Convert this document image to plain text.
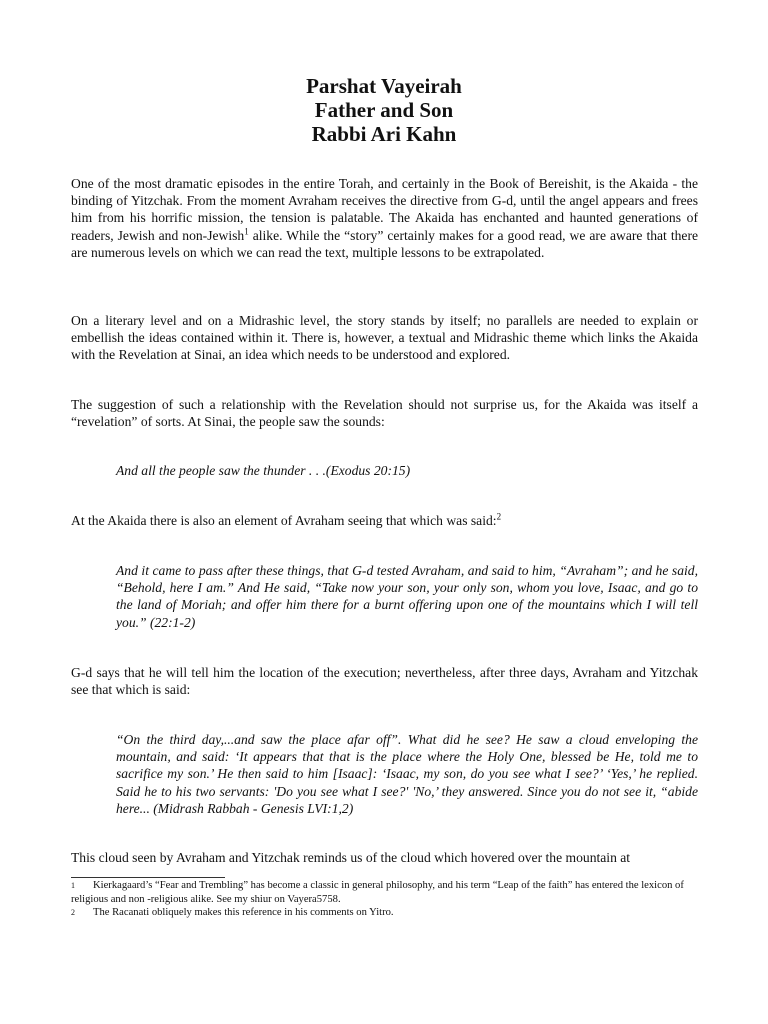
Parshat Vayeirah
Father and Son
Rabbi Ari Kahn

One of the most dramatic episodes in the entire Torah, and certainly in the Book of Bereishit, is the Akaida - the binding of Yitzchak. From the moment Avraham receives the directive from G-d, until the angel appears and frees him from his horrific mission, the tension is palatable. The Akaida has enchanted and haunted generations of readers, Jewish and non-Jewish$^1$ alike. While the “story” certainly makes for a good read, we are aware that there are numerous levels on which we can read the text, multiple lessons to be extrapolated.

On a literary level and on a Midrashic level, the story stands by itself; no parallels are needed to explain or embellish the ideas contained within it. There is, however, a textual and Midrashic theme which links the Akaida with the Revelation at Sinai, an idea which needs to be understood and explored.

The suggestion of such a relationship with the Revelation should not surprise us, for the Akaida was itself a “revelation” of sorts. At Sinai, the people saw the sounds:

And all the people saw the thunder . . .(Exodus 20:15)

At the Akaida there is also an element of Avraham seeing that which was said:$^2$

And it came to pass after these things, that G-d tested Avraham, and said to him, “Avraham”; and he said, “Behold, here I am.” And He said, “Take now your son, your only son, whom you love, Isaac, and go to the land of Moriah; and offer him there for a burnt offering upon one of the mountains which I will tell you.” (22:1-2)

G-d says that he will tell him the location of the execution; nevertheless, after three days, Avraham and Yitzchak see that which is said:

“On the third day,...and saw the place afar off”. What did he see? He saw a cloud enveloping the mountain, and said: ‘It appears that that is the place where the Holy One, blessed be He, told me to sacrifice my son.’ He then said to him [Isaac]: ‘Isaac, my son, do you see what I see?’ ‘Yes,’ he replied. Said he to his two servants: 'Do you see what I see?' 'No,’ they answered. Since you do not see it, “abide here... (Midrash Rabbah - Genesis LVI:1,2)

This cloud seen by Avraham and Yitzchak reminds us of the cloud which hovered over the mountain at

1 Kierkagaard’s “Fear and Trembling” has become a classic in general philosophy, and his term “Leap of the faith” has entered the lexicon of religious and non -religious alike. See my shiur on Vayera5758.
2 The Racanati obliquely makes this reference in his comments on Yitro.
